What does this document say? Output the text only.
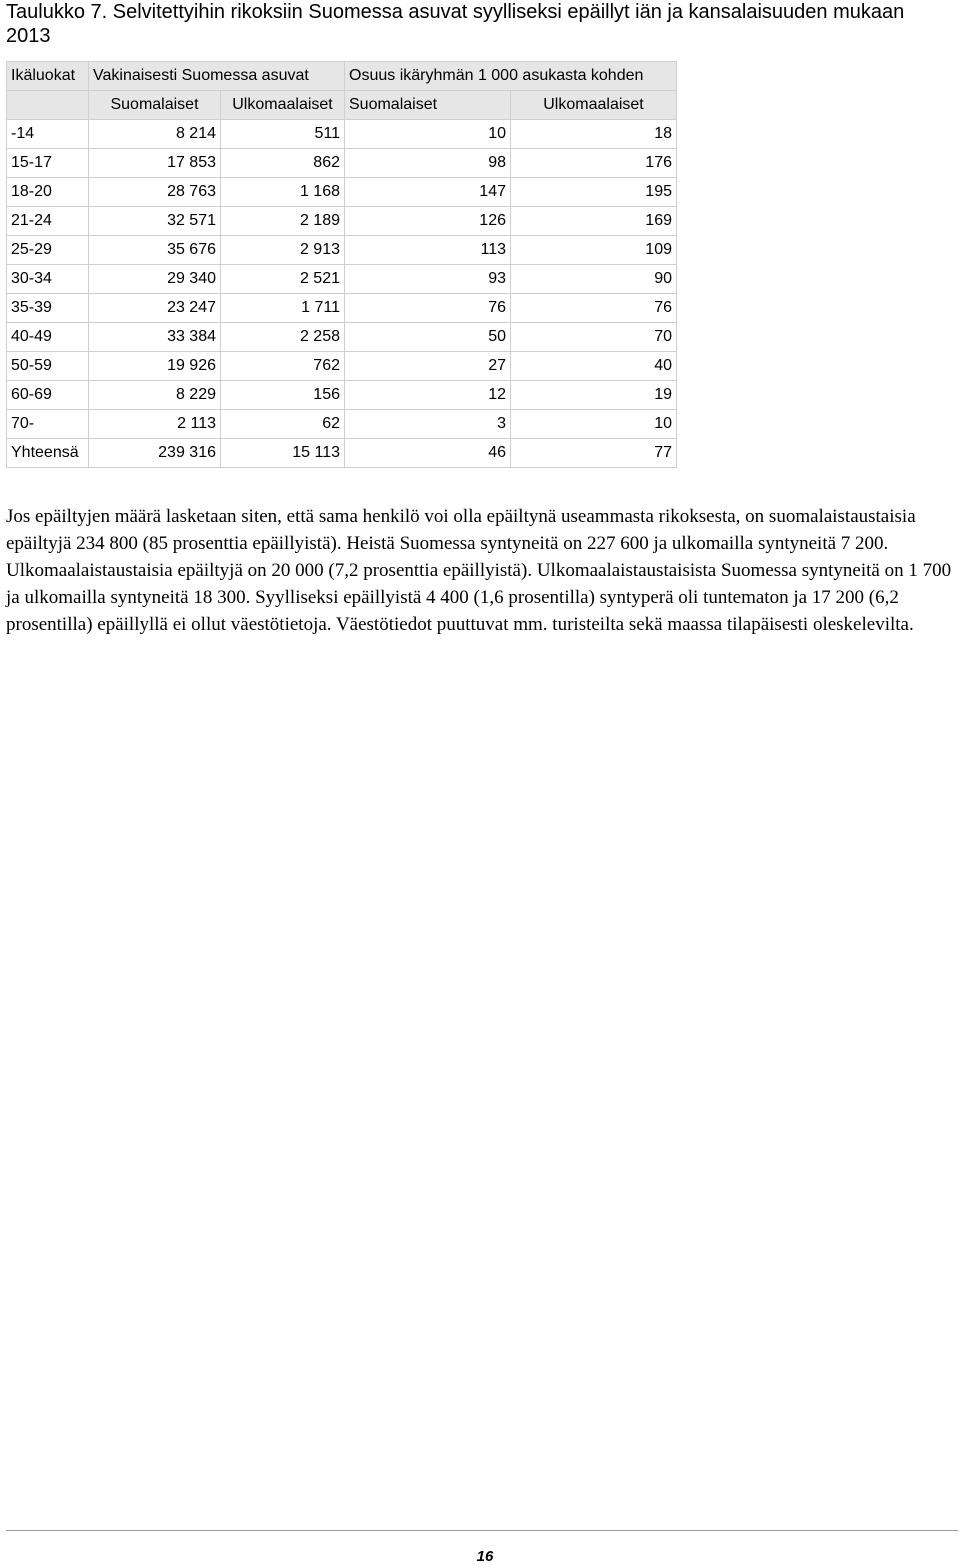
Taulukko 7. Selvitettyihin rikoksiin Suomessa asuvat syylliseksi epäillyt iän ja kansalaisuuden mukaan 2013
Ikäluokat	Vakinaisesti Suomessa asuvat		Osuus ikäryhmän 1 000 asukasta kohden	
	Suomalaiset	Ulkomaalaiset	Suomalaiset	Ulkomaalaiset
-14	8 214	511	10	18
15-17	17 853	862	98	176
18-20	28 763	1 168	147	195
21-24	32 571	2 189	126	169
25-29	35 676	2 913	113	109
30-34	29 340	2 521	93	90
35-39	23 247	1 711	76	76
40-49	33 384	2 258	50	70
50-59	19 926	762	27	40
60-69	8 229	156	12	19
70-	2 113	62	3	10
Yhteensä	239 316	15 113	46	77

Jos epäiltyjen määrä lasketaan siten, että sama henkilö voi olla epäiltynä useammasta rikoksesta, on suomalaistaustaisia epäiltyjä 234 800 (85 prosenttia epäillyistä). Heistä Suomessa syntyneitä on 227 600 ja ulkomailla syntyneitä 7 200. Ulkomaalaistaustaisia epäiltyjä on 20 000 (7,2 prosenttia epäillyistä). Ulkomaalaistaustaisista Suomessa syntyneitä on 1 700 ja ulkomailla syntyneitä 18 300. Syylliseksi epäillyistä 4 400 (1,6 prosentilla) syntyperä oli tuntematon ja 17 200 (6,2 prosentilla) epäillyllä ei ollut väestötietoja. Väestötiedot puuttuvat mm. turisteilta sekä maassa tilapäisesti oleskelevilta.

16
